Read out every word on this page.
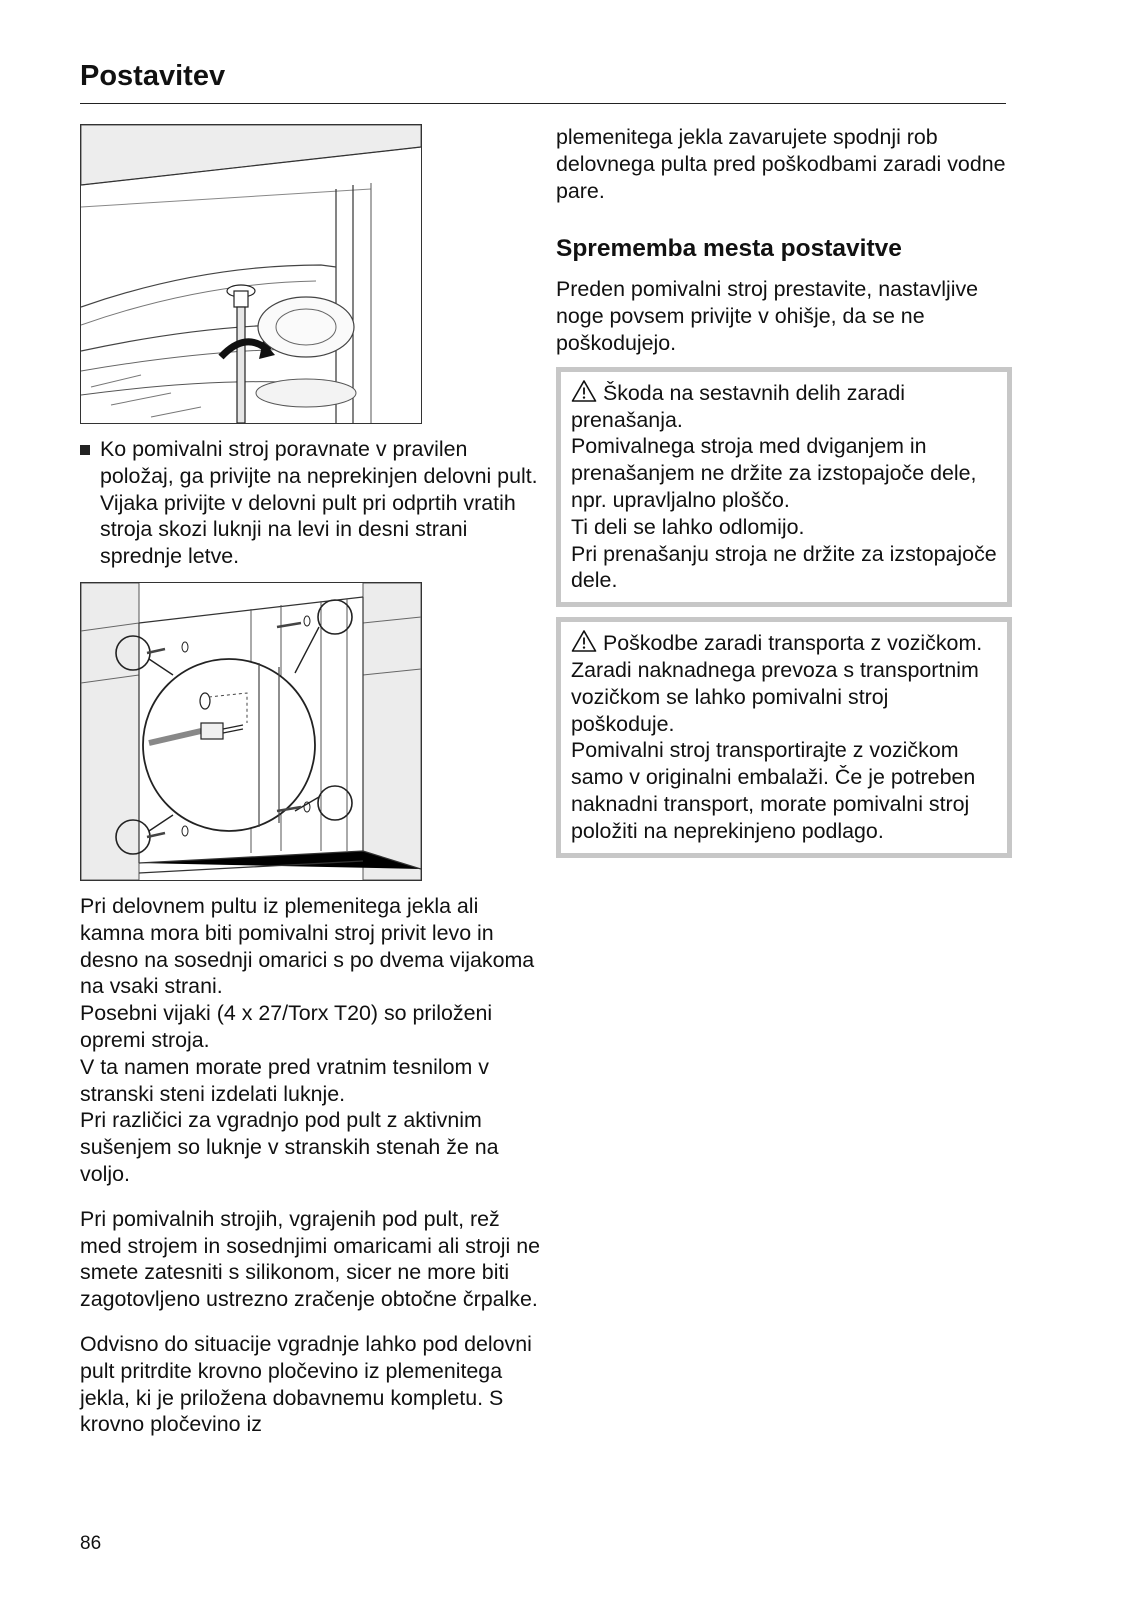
Postavitev

Ko pomivalni stroj poravnate v pravilen položaj, ga privijte na neprekinjen delovni pult.

Vijaka privijte v delovni pult pri odprtih vratih stroja skozi luknji na levi in desni strani sprednje letve.

Pri delovnem pultu iz plemenitega jekla ali kamna mora biti pomivalni stroj privit levo in desno na sosednji omarici s po dvema vijakoma na vsaki strani.

Posebni vijaki (4 x 27/Torx T20) so priloženi opremi stroja.

V ta namen morate pred vratnim tesnilom v stranski steni izdelati luknje.

Pri različici za vgradnjo pod pult z aktivnim sušenjem so luknje v stranskih stenah že na voljo.

Pri pomivalnih strojih, vgrajenih pod pult, rež med strojem in sosednjimi omaricami ali stroji ne smete zatesniti s silikonom, sicer ne more biti zagotovljeno ustrezno zračenje obtočne črpalke.

Odvisno do situacije vgradnje lahko pod delovni pult pritrdite krovno pločevino iz plemenitega jekla, ki je priložena dobavnemu kompletu. S krovno pločevino iz

plemenitega jekla zavarujete spodnji rob delovnega pulta pred poškodbami zaradi vodne pare.

Sprememba mesta postavitve

Preden pomivalni stroj prestavite, nastavljive noge povsem privijte v ohišje, da se ne poškodujejo.

Škoda na sestavnih delih zaradi prenašanja.

Pomivalnega stroja med dviganjem in prenašanjem ne držite za izstopajoče dele, npr. upravljalno ploščo.

Ti deli se lahko odlomijo.

Pri prenašanju stroja ne držite za izstopajoče dele.

Poškodbe zaradi transporta z vozičkom.

Zaradi naknadnega prevoza s transportnim vozičkom se lahko pomivalni stroj poškoduje.

Pomivalni stroj transportirajte z vozičkom samo v originalni embalaži. Če je potreben naknadni transport, morate pomivalni stroj položiti na neprekinjeno podlago.

86
